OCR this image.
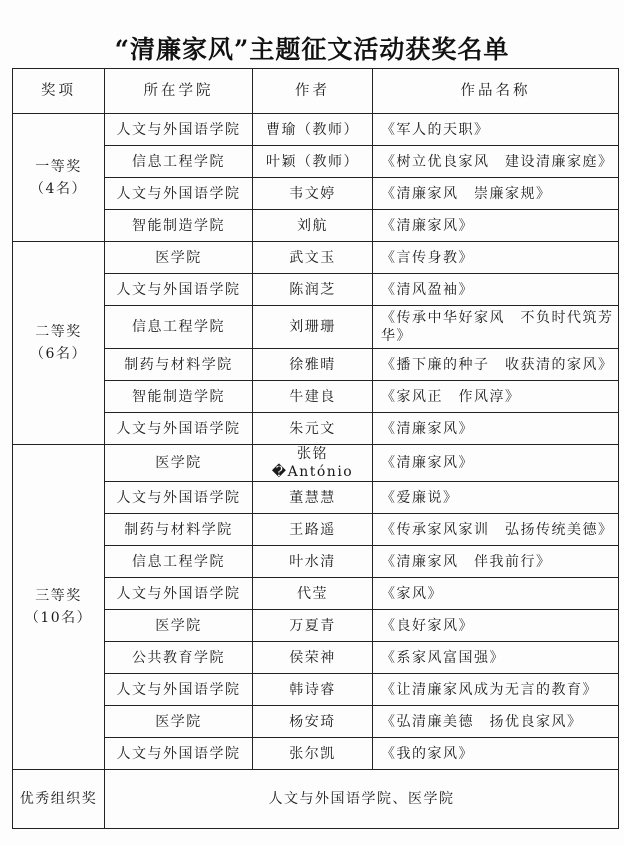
“清廉家风”主题征文活动获奖名单
奖项	所在学院	作者	作品名称

一等奖
（4名）	人文与外国语学院	曹瑜（教师）	《军人的天职》
	信息工程学院	叶颖（教师）	《树立优良家风　建设清廉家庭》
	人文与外国语学院	韦文婷	《清廉家风　崇廉家规》
	智能制造学院	刘航	《清廉家风》

二等奖
（6名）	医学院	武文玉	《言传身教》
	人文与外国语学院	陈润芝	《清风盈袖》
	信息工程学院	刘珊珊	《传承中华好家风　不负时代筑芳华》
	制药与材料学院	徐雅晴	《播下廉的种子　收获清的家风》
	智能制造学院	牛建良	《家风正　作风淳》
	人文与外国语学院	朱元文	《清廉家风》

三等奖
（10名）	医学院	张铭�António	《清廉家风》
	人文与外国语学院	董慧慧	《爱廉说》
	制药与材料学院	王路遥	《传承家风家训　弘扬传统美德》
	信息工程学院	叶水清	《清廉家风　伴我前行》
	人文与外国语学院	代莹	《家风》
	医学院	万夏青	《良好家风》
	公共教育学院	侯荣神	《系家风富国强》
	人文与外国语学院	韩诗睿	《让清廉家风成为无言的教育》
	医学院	杨安琦	《弘清廉美德　扬优良家风》
	人文与外国语学院	张尔凯	《我的家风》
优秀组织奖	人文与外国语学院、医学院		
